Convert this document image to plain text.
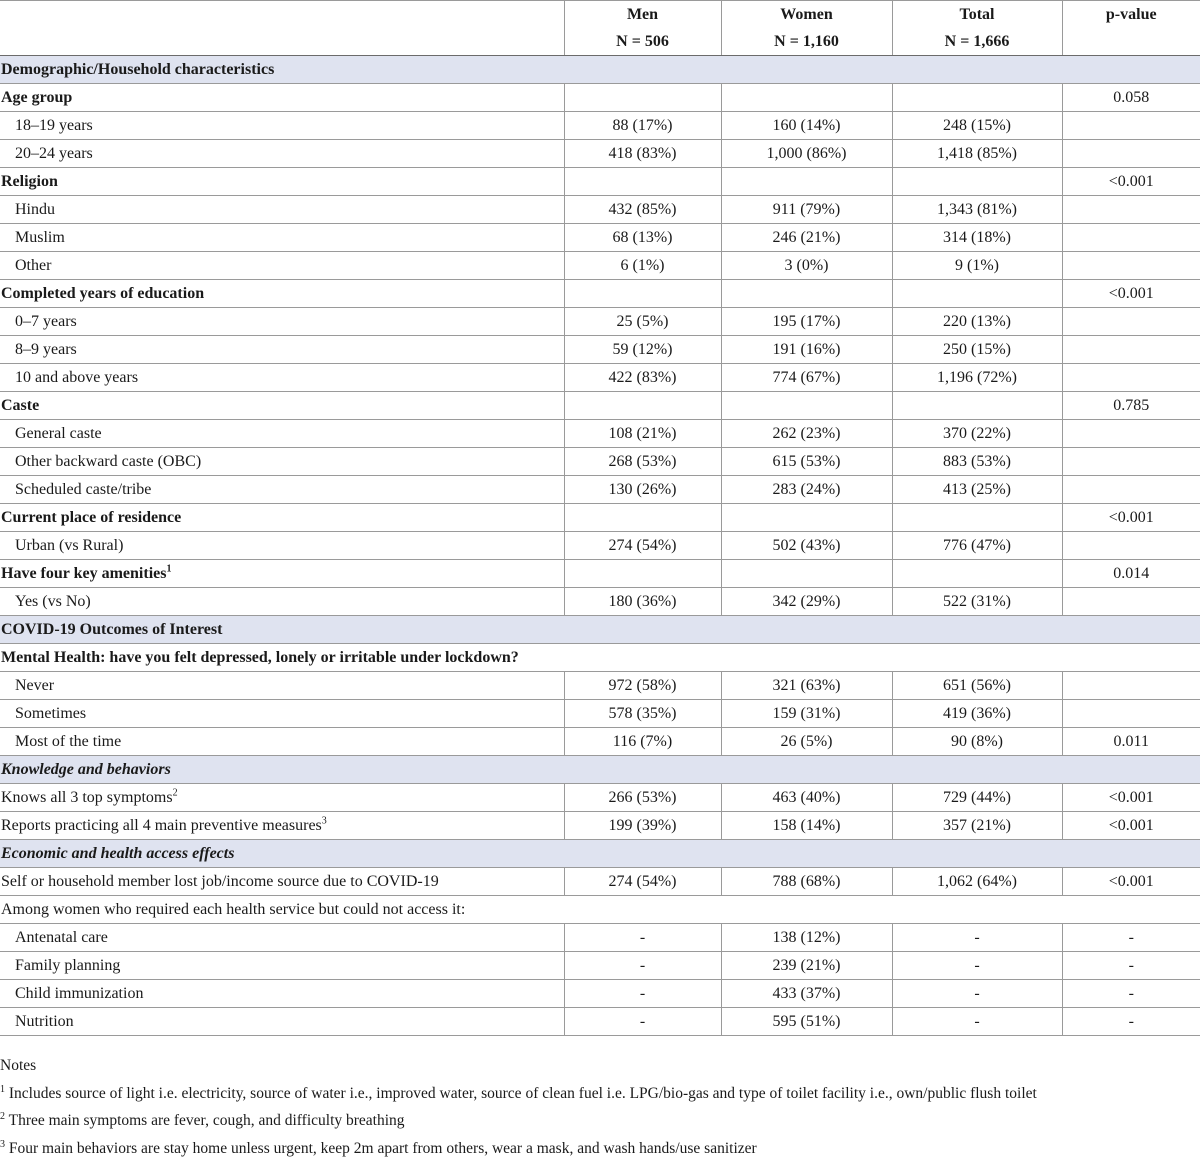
	Men	Women	Total	p-value
	N = 506	N = 1,160	N = 1,666	
Demographic/Household characteristics				
Age group				0.058
18–19 years	88 (17%)	160 (14%)	248 (15%)	
20–24 years	418 (83%)	1,000 (86%)	1,418 (85%)	
Religion				<0.001
Hindu	432 (85%)	911 (79%)	1,343 (81%)	
Muslim	68 (13%)	246 (21%)	314 (18%)	
Other	6 (1%)	3 (0%)	9 (1%)	
Completed years of education				<0.001
0–7 years	25 (5%)	195 (17%)	220 (13%)	
8–9 years	59 (12%)	191 (16%)	250 (15%)	
10 and above years	422 (83%)	774 (67%)	1,196 (72%)	
Caste				0.785
General caste	108 (21%)	262 (23%)	370 (22%)	
Other backward caste (OBC)	268 (53%)	615 (53%)	883 (53%)	
Scheduled caste/tribe	130 (26%)	283 (24%)	413 (25%)	
Current place of residence				<0.001
Urban (vs Rural)	274 (54%)	502 (43%)	776 (47%)	
Have four key amenities$^1$				0.014
Yes (vs No)	180 (36%)	342 (29%)	522 (31%)	
COVID-19 Outcomes of Interest				
Mental Health: have you felt depressed, lonely or irritable under lockdown?				
Never	972 (58%)	321 (63%)	651 (56%)	
Sometimes	578 (35%)	159 (31%)	419 (36%)	
Most of the time	116 (7%)	26 (5%)	90 (8%)	0.011
Knowledge and behaviors				
Knows all 3 top symptoms$^2$	266 (53%)	463 (40%)	729 (44%)	<0.001
Reports practicing all 4 main preventive measures$^3$	199 (39%)	158 (14%)	357 (21%)	<0.001
Economic and health access effects				
Self or household member lost job/income source due to COVID-19	274 (54%)	788 (68%)	1,062 (64%)	<0.001
Among women who required each health service but could not access it:				
Antenatal care	-	138 (12%)	-	-
Family planning	-	239 (21%)	-	-
Child immunization	-	433 (37%)	-	-
Nutrition	-	595 (51%)	-	-
Notes
$^1$ Includes source of light i.e. electricity, source of water i.e., improved water, source of clean fuel i.e. LPG/bio-gas and type of toilet facility i.e., own/public flush toilet
$^2$ Three main symptoms are fever, cough, and difficulty breathing
$^3$ Four main behaviors are stay home unless urgent, keep 2m apart from others, wear a mask, and wash hands/use sanitizer
